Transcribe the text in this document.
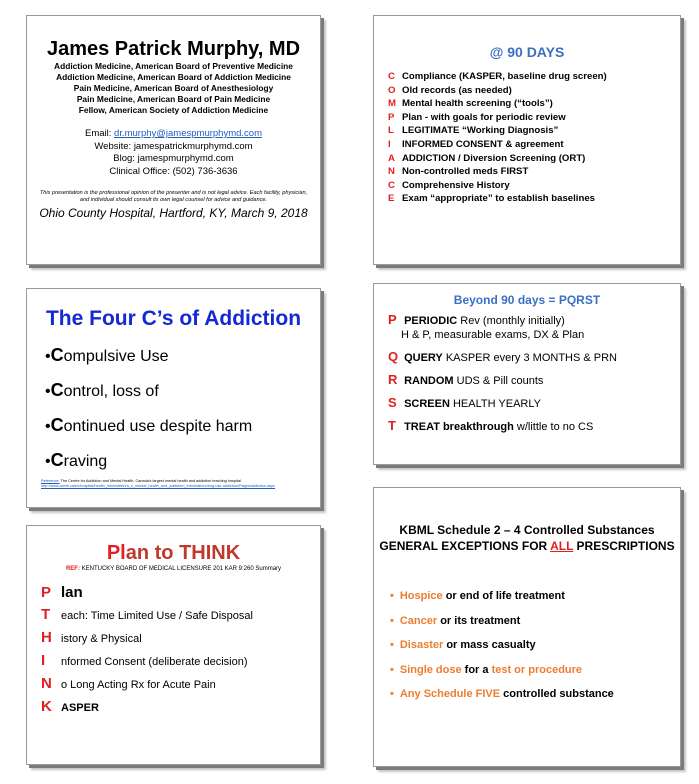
James Patrick Murphy, MD
Addiction Medicine, American Board of Preventive Medicine
Addiction Medicine, American Board of Addiction Medicine
Pain Medicine, American Board of Anesthesiology
Pain Medicine, American Board of Pain Medicine
Fellow, American Society of Addiction Medicine
Email: dr.murphy@jamespmurphymd.com
Website: jamespatrickmurphymd.com
Blog: jamespmurphymd.com
Clinical Office: (502) 736-3636
This presentation is the professional opinion of the presenter and is not legal advice. Each facility, physician, and individual should consult its own legal counsel for advice and guidance.
Ohio County Hospital, Hartford, KY, March 9, 2018
@ 90 DAYS
C Compliance (KASPER, baseline drug screen)
O Old records (as needed)
M Mental health screening (“tools”)
P Plan - with goals for periodic review
L LEGITIMATE “Working Diagnosis”
I INFORMED CONSENT & agreement
A ADDICTION / Diversion Screening (ORT)
N Non-controlled meds FIRST
C Comprehensive History
E Exam “appropriate” to establish baselines
The Four C’s of Addiction
•Compulsive Use
•Control, loss of
•Continued use despite harm
•Craving
Reference: The Centre for Addiction and Mental Health, Canada's largest mental health and addiction teaching hospital
http://www.camh.ca/en/hospital/health_information/a_z_mental_health_and_addiction_information/drug-use-addiction/Pages/addiction.aspx
Beyond 90 days = PQRST
P PERIODIC Rev (monthly initially)
H & P, measurable exams, DX & Plan
Q QUERY KASPER every 3 MONTHS & PRN
R RANDOM UDS & Pill counts
S SCREEN HEALTH YEARLY
T TREAT breakthrough w/little to no CS
Plan to THINK
REF: KENTUCKY BOARD OF MEDICAL LICENSURE 201 KAR 9:260 Summary
P lan
T each: Time Limited Use / Safe Disposal
H istory & Physical
I nformed Consent (deliberate decision)
N o Long Acting Rx for Acute Pain
K ASPER
KBML Schedule 2 – 4 Controlled Substances
GENERAL EXCEPTIONS FOR ALL PRESCRIPTIONS
• Hospice or end of life treatment
• Cancer or its treatment
• Disaster or mass casualty
• Single dose for a test or procedure
• Any Schedule FIVE controlled substance
